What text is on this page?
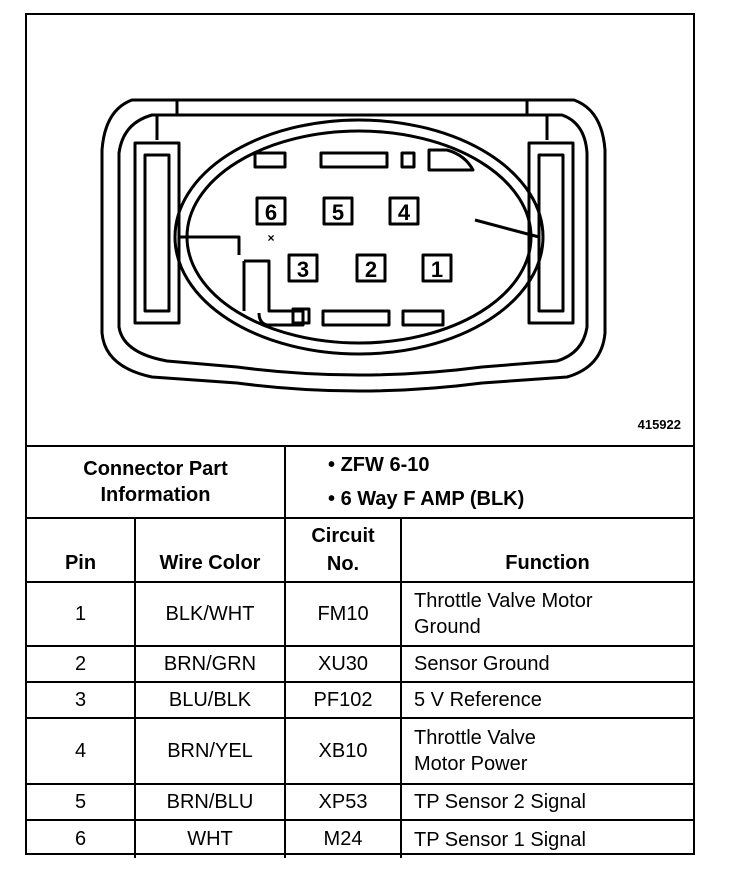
6 5 4
3	2 1
×
415922
Connector Part Information		• ZFW 6-10
• 6 Way F AMP (BLK)	

Pin	Wire Color	Circuit No.	Function
1	BLK/WHT	FM10	Throttle Valve Motor
Ground

2	BRN/GRN	XU30	Sensor Ground

3	BLU/BLK	PF102	5 V Reference

4	BRN/YEL	XB10	Throttle Valve
Motor Power

5	BRN/BLU	XP53	TP Sensor 2 Signal

6	WHT	M24	TP Sensor 1 Signal
